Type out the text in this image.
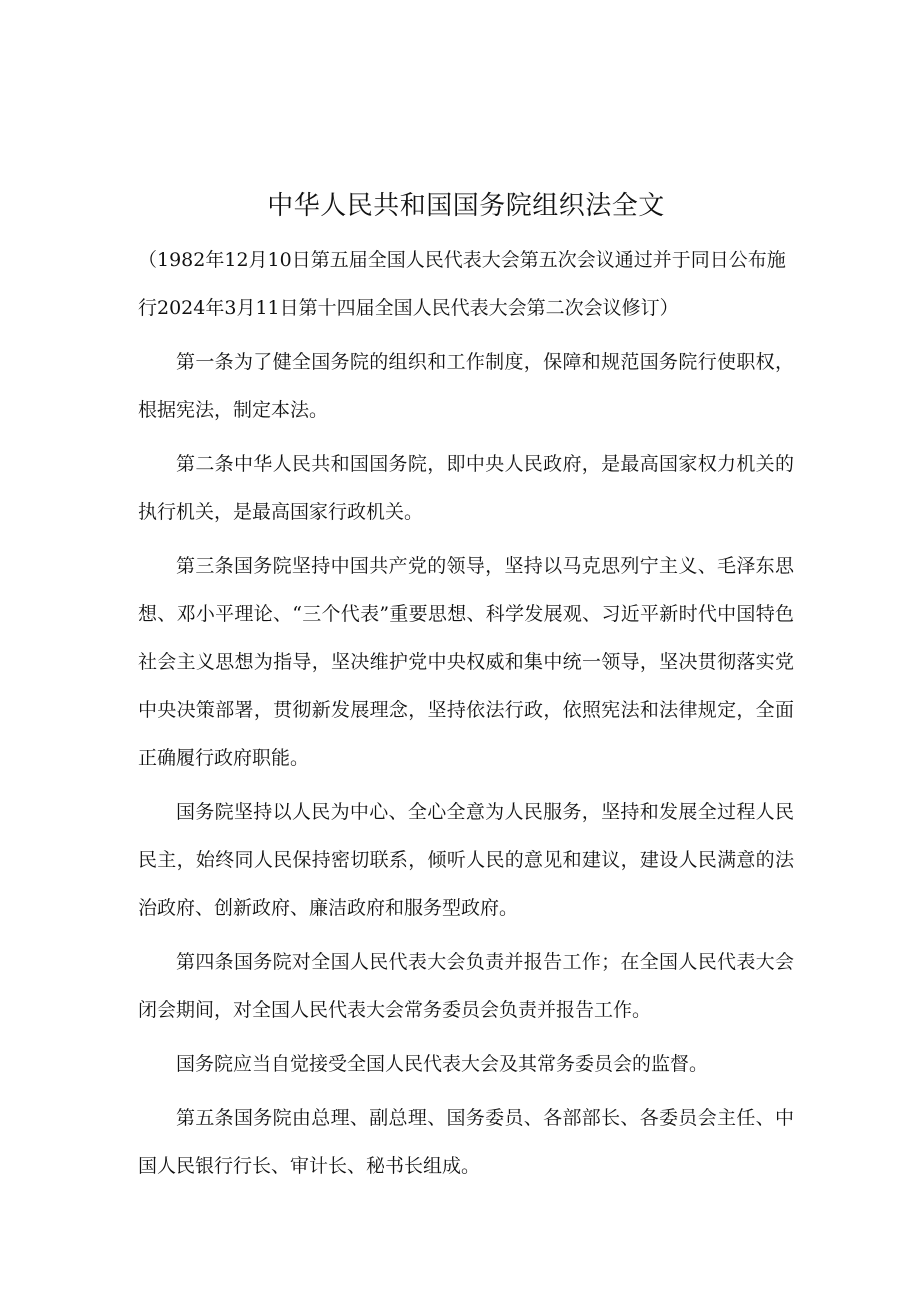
中华人民共和国国务院组织法全文

（1982年12月10日第五届全国人民代表大会第五次会议通过并于同日公布施行2024年3月11日第十四届全国人民代表大会第二次会议修订）

第一条为了健全国务院的组织和工作制度，保障和规范国务院行使职权，根据宪法，制定本法。

第二条中华人民共和国国务院，即中央人民政府，是最高国家权力机关的执行机关，是最高国家行政机关。

第三条国务院坚持中国共产党的领导，坚持以马克思列宁主义、毛泽东思想、邓小平理论、“三个代表”重要思想、科学发展观、习近平新时代中国特色社会主义思想为指导，坚决维护党中央权威和集中统一领导，坚决贯彻落实党中央决策部署，贯彻新发展理念，坚持依法行政，依照宪法和法律规定，全面正确履行政府职能。

国务院坚持以人民为中心、全心全意为人民服务，坚持和发展全过程人民民主，始终同人民保持密切联系，倾听人民的意见和建议，建设人民满意的法治政府、创新政府、廉洁政府和服务型政府。

第四条国务院对全国人民代表大会负责并报告工作；在全国人民代表大会闭会期间，对全国人民代表大会常务委员会负责并报告工作。

国务院应当自觉接受全国人民代表大会及其常务委员会的监督。

第五条国务院由总理、副总理、国务委员、各部部长、各委员会主任、中国人民银行行长、审计长、秘书长组成。
